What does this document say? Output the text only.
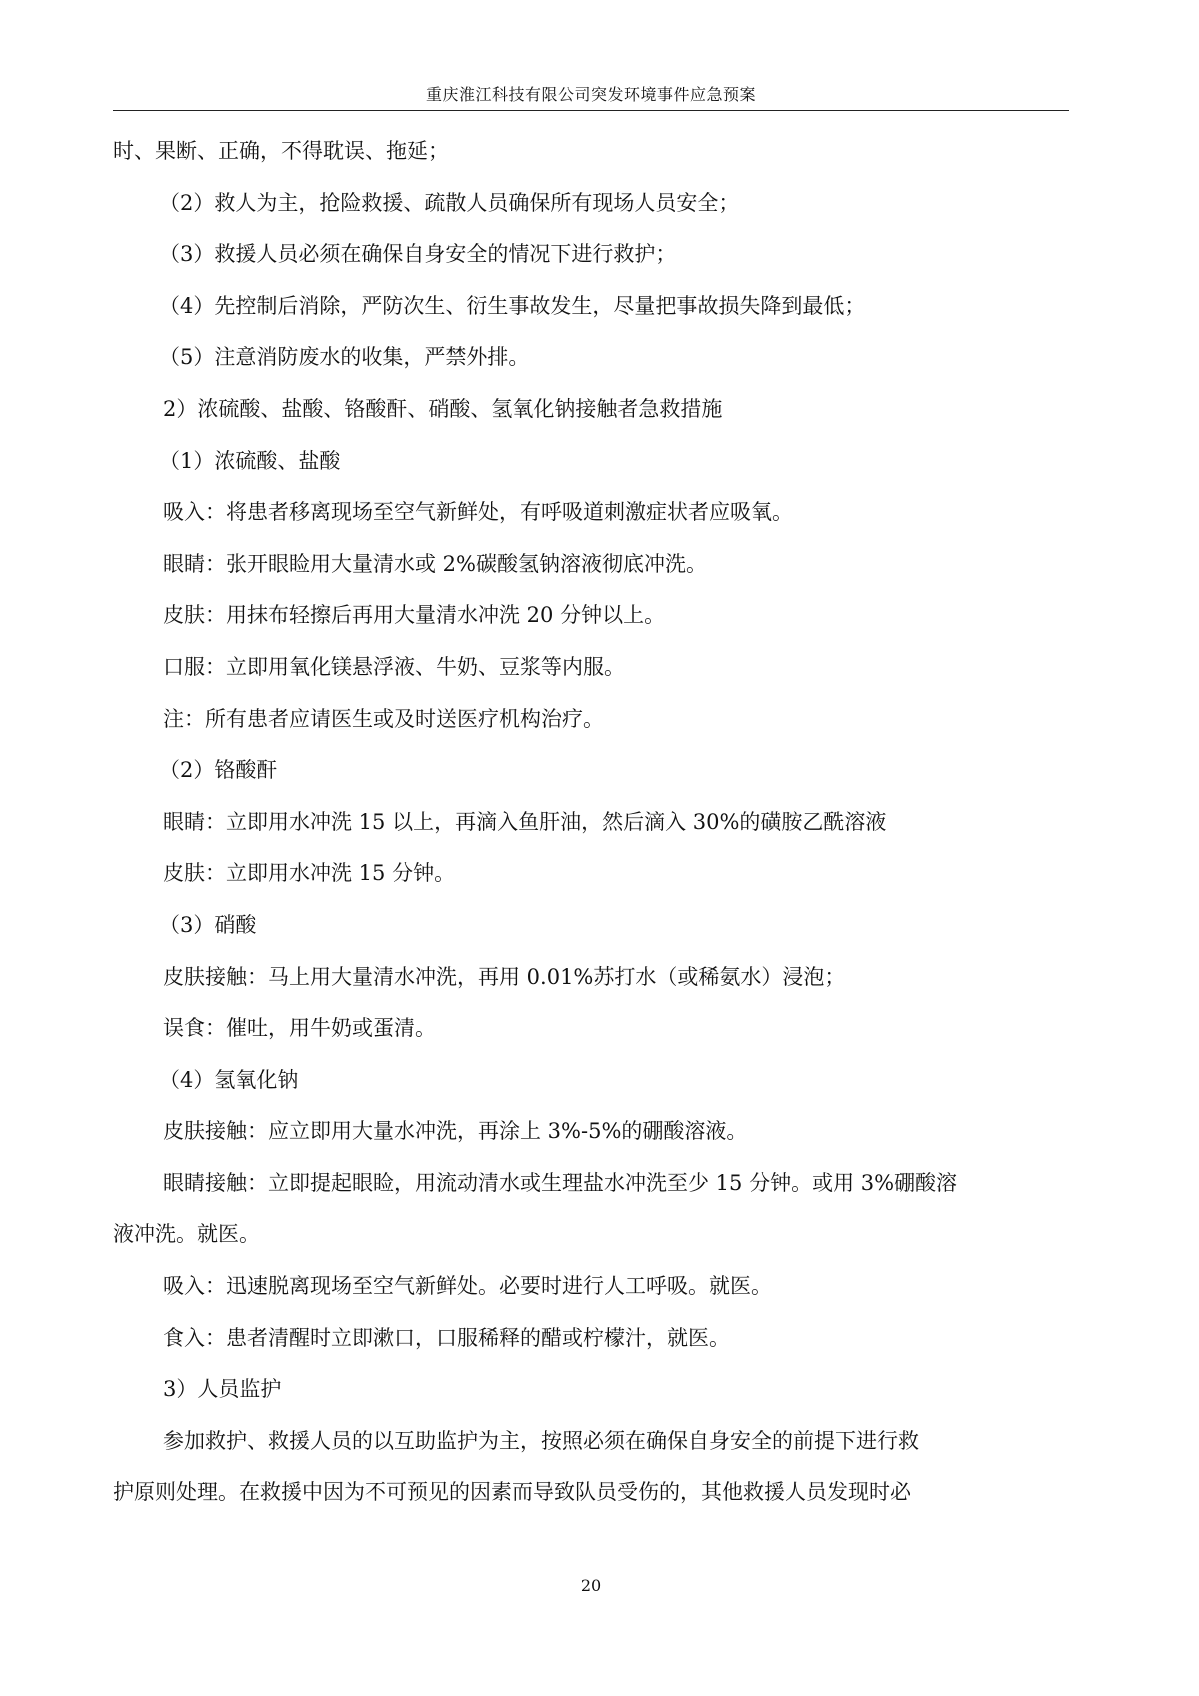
重庆淮江科技有限公司突发环境事件应急预案
时、果断、正确，不得耽误、拖延；
（2）救人为主，抢险救援、疏散人员确保所有现场人员安全；
（3）救援人员必须在确保自身安全的情况下进行救护；
（4）先控制后消除，严防次生、衍生事故发生，尽量把事故损失降到最低；
（5）注意消防废水的收集，严禁外排。
2）浓硫酸、盐酸、铬酸酐、硝酸、氢氧化钠接触者急救措施
（1）浓硫酸、盐酸
吸入：将患者移离现场至空气新鲜处，有呼吸道刺激症状者应吸氧。
眼睛：张开眼睑用大量清水或 2%碳酸氢钠溶液彻底冲洗。
皮肤：用抹布轻擦后再用大量清水冲洗 20 分钟以上。
口服：立即用氧化镁悬浮液、牛奶、豆浆等内服。
注：所有患者应请医生或及时送医疗机构治疗。
（2）铬酸酐
眼睛：立即用水冲洗 15 以上，再滴入鱼肝油，然后滴入 30%的磺胺乙酰溶液
皮肤：立即用水冲洗 15 分钟。
（3）硝酸
皮肤接触：马上用大量清水冲洗，再用 0.01%苏打水（或稀氨水）浸泡；
误食：催吐，用牛奶或蛋清。
（4）氢氧化钠
皮肤接触：应立即用大量水冲洗，再涂上 3%-5%的硼酸溶液。
眼睛接触：立即提起眼睑，用流动清水或生理盐水冲洗至少 15 分钟。或用 3%硼酸溶
液冲洗。就医。
吸入：迅速脱离现场至空气新鲜处。必要时进行人工呼吸。就医。
食入：患者清醒时立即漱口，口服稀释的醋或柠檬汁，就医。
3）人员监护
参加救护、救援人员的以互助监护为主，按照必须在确保自身安全的前提下进行救
护原则处理。在救援中因为不可预见的因素而导致队员受伤的，其他救援人员发现时必
20
